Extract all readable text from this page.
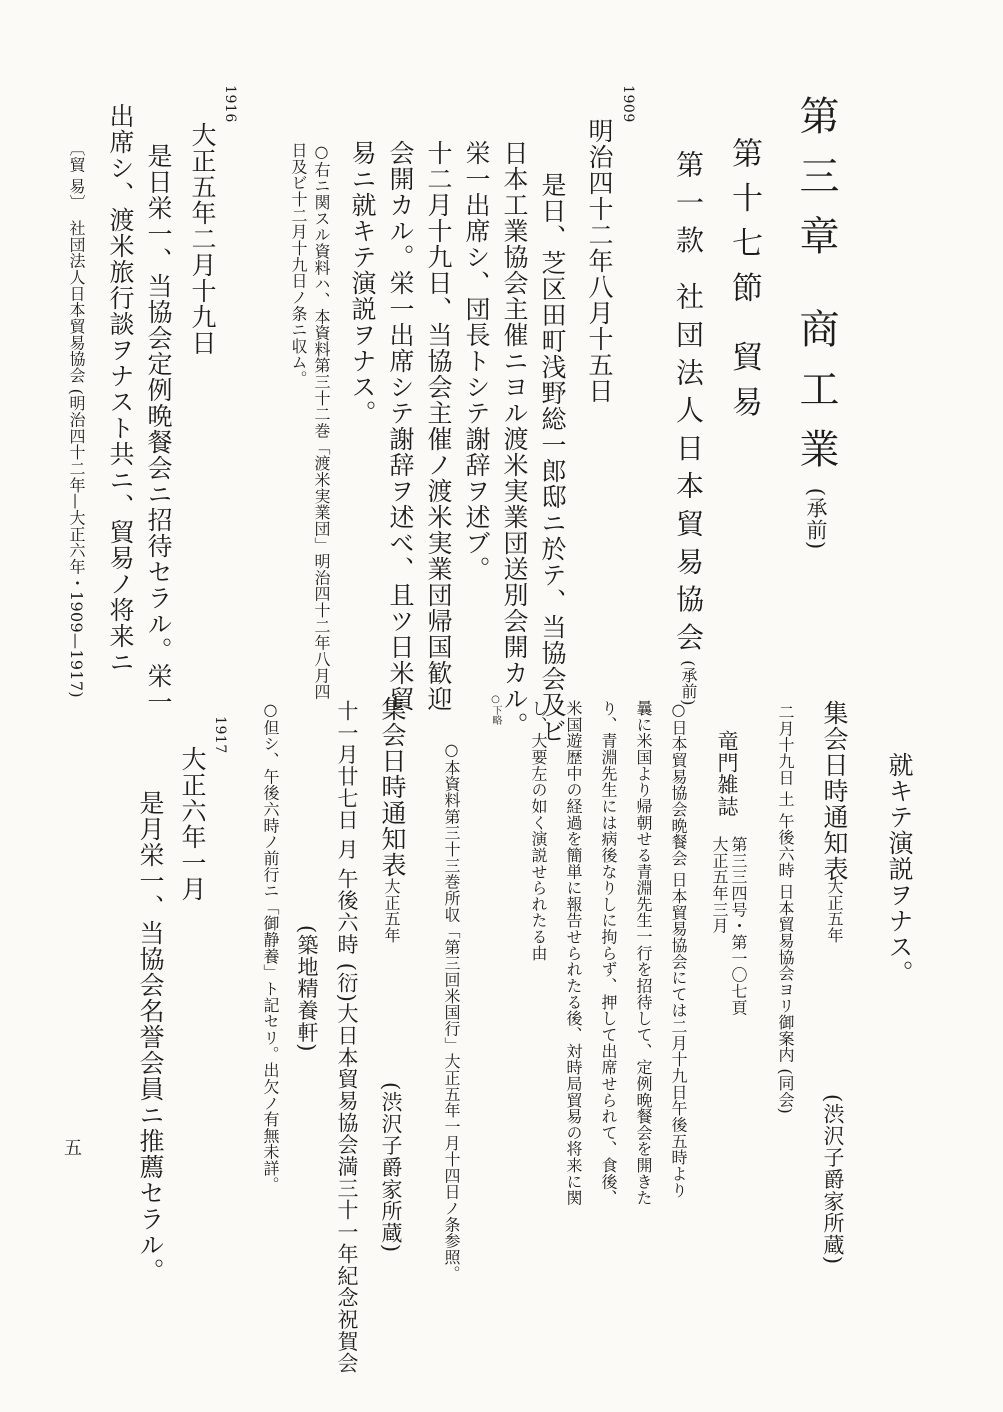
第三章 商工業(承前)
第十七節 貿易
第一款 社団法人日本貿易協会(承前)
1909
明治四十二年八月十五日
是日、芝区田町浅野総一郎邸ニ於テ、当協会及ビ
日本工業協会主催ニヨル渡米実業団送別会開カル。
栄一出席シ、団長トシテ謝辞ヲ述ブ。
十二月十九日、当協会主催ノ渡米実業団帰国歓迎
会開カル。栄一出席シテ謝辞ヲ述べ、且ツ日米貿
易ニ就キテ演説ヲナス。
○右ニ関スル資料ハ、本資料第三十二巻「渡米実業団」明治四十二年八月四
日及ビ十二月十九日ノ条ニ収ム。
1916
大正五年二月十九日
是日栄一、当協会定例晩餐会ニ招待セラル。栄一
出席シ、渡米旅行談ヲナスト共ニ、貿易ノ将来ニ
〔貿 易〕
社団法人日本貿易協会 (明治四十二年—大正六年・1909—1917)
就キテ演説ヲナス。
集会日時通知表
大正五年
(渋沢子爵家所蔵)
二月十九日 土 午後六時 日本貿易協会ヨリ御案内 (同会)
竜門雑誌
第三三四号・第一〇七頁
大正五年三月
○日本貿易協会晩餐会 日本貿易協会にては二月十九日午後五時より
曩に米国より帰朝せる青淵先生一行を招待して、定例晩餐会を開きた
り、青淵先生には病後なりしに拘らず、押して出席せられて、食後、
米国遊歴中の経過を簡単に報告せられたる後、対時局貿易の将来に関
し、大要左の如く演説せられたる由
○下略
○本資料第三十三巻所収「第三回米国行」大正五年一月十四日ノ条参照。
集会日時通知表
大正五年
(渋沢子爵家所蔵)
十一月廿七日 月 午後六時 (衍)大日本貿易協会満三十一年紀念祝賀会
(築地精養軒)
○但シ、午後六時ノ前行ニ「御静養」ト記セリ。出欠ノ有無未詳。
1917
大正六年一月
是月栄一、当協会名誉会員ニ推薦セラル。
五
